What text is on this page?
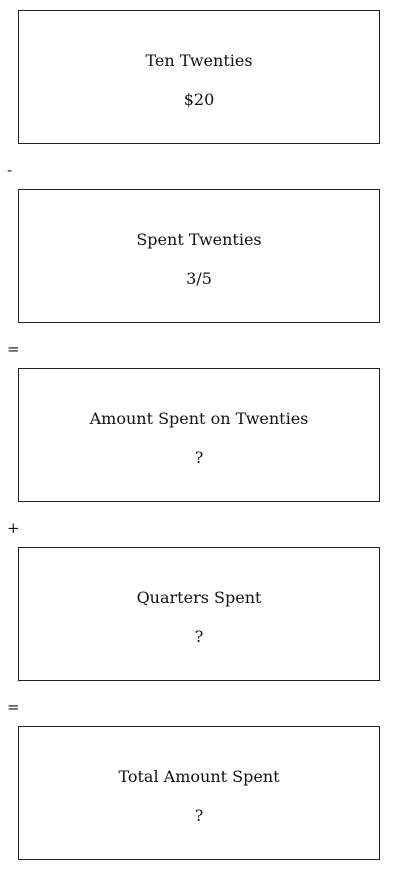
Ten Twenties
$20
-
Spent Twenties
3/5
=
Amount Spent on Twenties
?
+
Quarters Spent
?
=
Total Amount Spent
?
